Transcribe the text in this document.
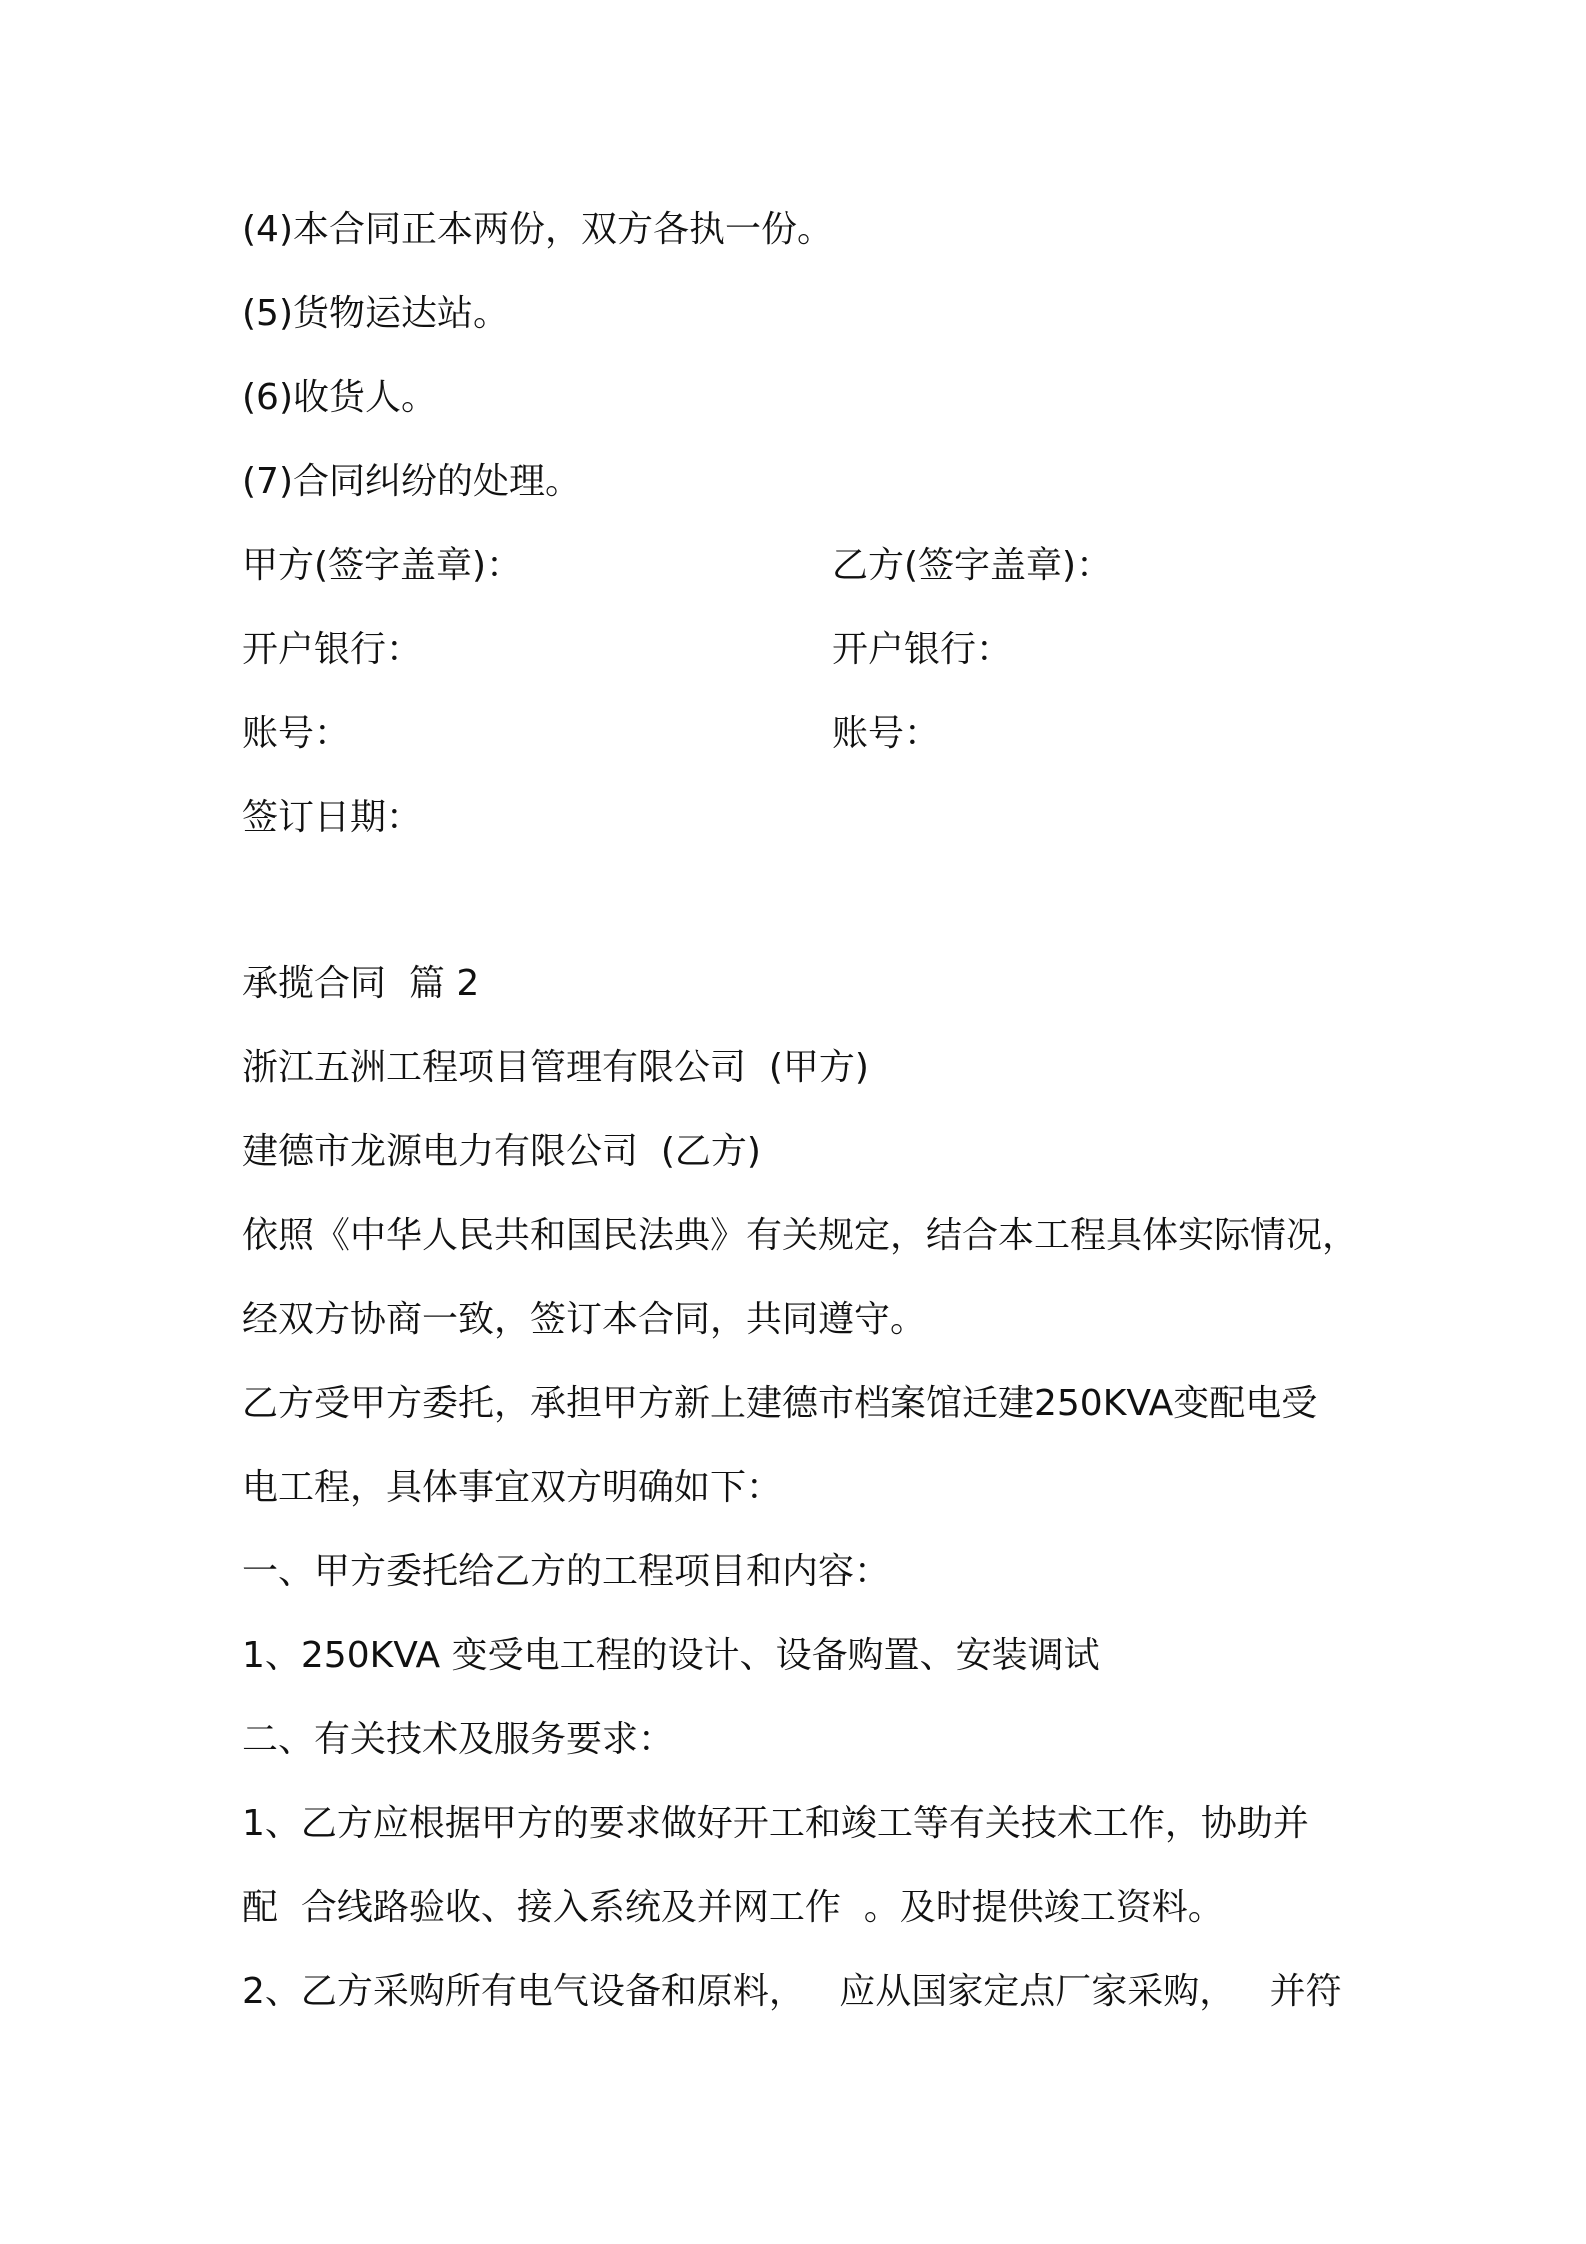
(4)本合同正本两份，双方各执一份。
(5)货物运达站。
(6)收货人。
(7)合同纠纷的处理。
甲方(签字盖章)：	乙方(签字盖章)：
开户银行：	开户银行：
账号：	账号：
签订日期：
承揽合同  篇 2
浙江五洲工程项目管理有限公司  (甲方)
建德市龙源电力有限公司  (乙方)
依照《中华人民共和国民法典》有关规定，结合本工程具体实际情况，
经双方协商一致，签订本合同，共同遵守。
乙方受甲方委托，承担甲方新上建德市档案馆迁建250KVA变配电受
电工程，具体事宜双方明确如下：
一、甲方委托给乙方的工程项目和内容：
1、250KVA 变受电工程的设计、设备购置、安装调试
二、有关技术及服务要求：
1、乙方应根据甲方的要求做好开工和竣工等有关技术工作，协助并
配  合线路验收、接入系统及并网工作  。及时提供竣工资料。
2、乙方采购所有电气设备和原料，   应从国家定点厂家采购，   并符
